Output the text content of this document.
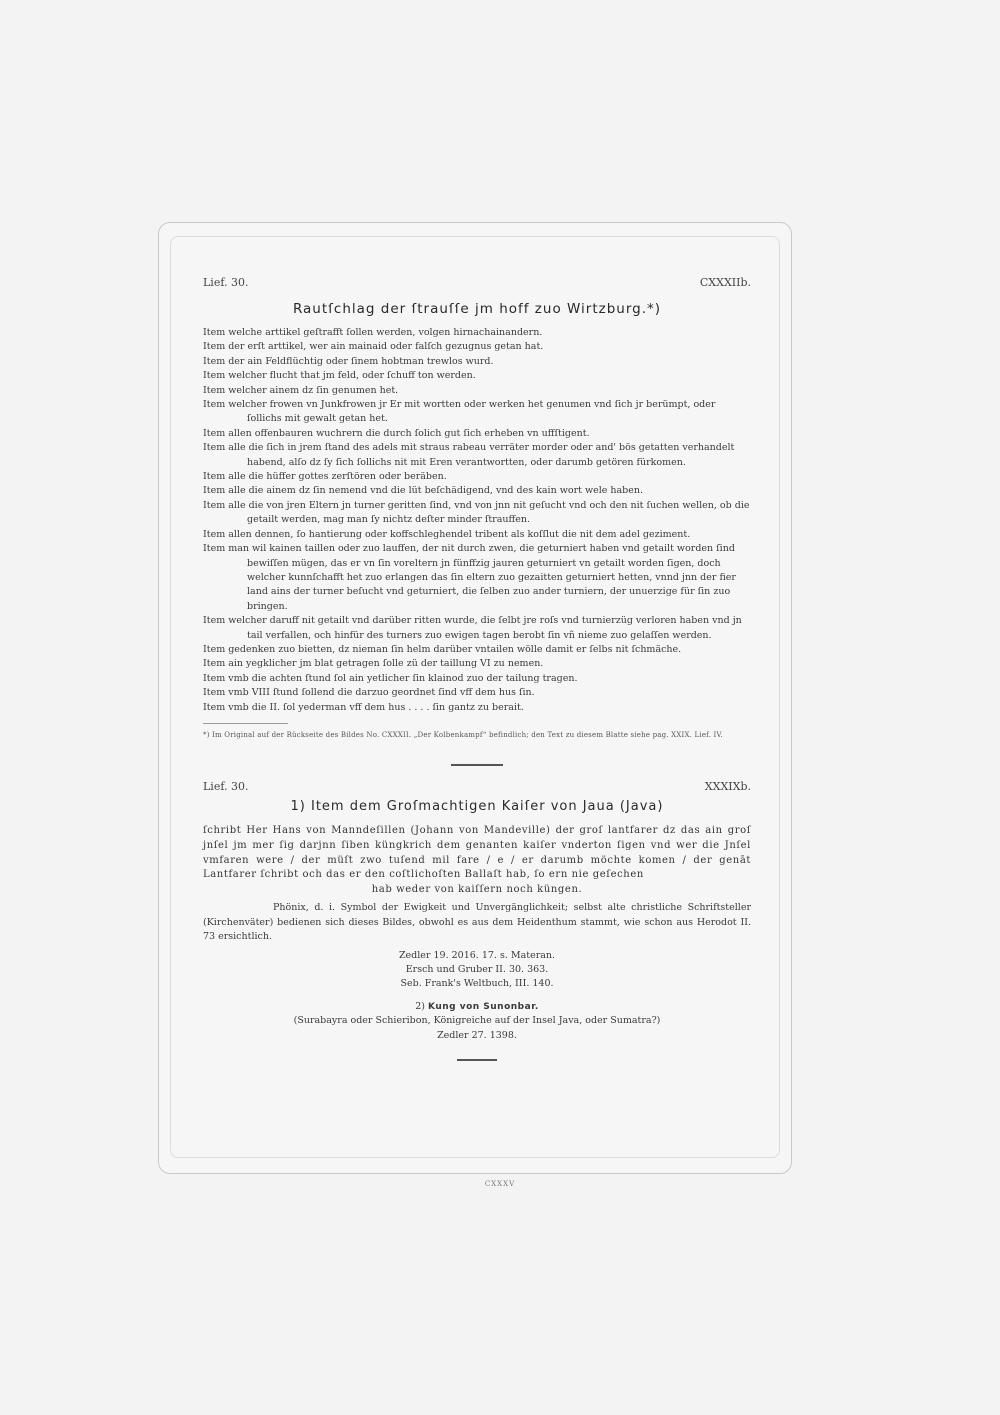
Lief. 30.	CXXXIIb.
Rautſchlag der ſtrauſſe jm hoff zuo Wirtzburg.*)
Item welche arttikel geſtrafft ſollen werden, volgen hirnachainandern.
Item der erſt arttikel, wer ain mainaid oder falſch gezugnus getan hat.
Item der ain Feldflüchtig oder ſinem hobtman trewlos wurd.
Item welcher flucht that jm feld, oder ſchuff ton werden.
Item welcher ainem dz ſin genumen het.
Item welcher frowen vn Junkfrowen jr Er mit wortten oder werken het genumen vnd ſich jr berümpt, oder ſollichs mit gewalt getan het.
Item allen offenbauren wuchrern die durch ſolich gut ſich erheben vn uffſtigent.
Item alle die ſich in jrem ſtand des adels mit straus rabeau verräter morder oder and' bös getatten verhandelt habend, alſo dz ſy ſich ſollichs nit mit Eren verantwortten, oder darumb getören fürkomen.
Item alle die hüffer gottes zerſtören oder beräben.
Item alle die ainem dz ſin nemend vnd die lüt beſchädigend, vnd des kain wort wele haben.
Item alle die von jren Eltern jn turner geritten ſind, vnd von jnn nit geſucht vnd och den nit ſuchen wellen, ob die getailt werden, mag man ſy nichtz deſter minder ſtrauffen.
Item allen dennen, ſo hantierung oder koffschleghendel tribent als koſſlut die nit dem adel geziment.
Item man wil kainen taillen oder zuo lauffen, der nit durch zwen, die geturniert haben vnd getailt worden ſind bewiſſen mügen, das er vn ſin voreltern jn fünffzig jauren geturniert vn getailt worden ſigen, doch welcher kunnſchafft het zuo erlangen das ſin eltern zuo gezaitten geturniert hetten, vnnd jnn der fier land ains der turner beſucht vnd geturniert, die ſelben zuo ander turniern, der unuerzige für ſin zuo bringen.
Item welcher daruff nit getailt vnd darüber ritten wurde, die ſelbt jre roſs vnd turnierzüg verloren haben vnd jn tail verfallen, och hinfür des turners zuo ewigen tagen berobt ſin vñ nieme zuo gelaſſen werden.
Item gedenken zuo bietten, dz nieman ſin helm darüber vntailen wölle damit er ſelbs nit ſchmäche.
Item ain yegklicher jm blat getragen ſolle zü der taillung VI zu nemen.
Item vmb die achten ſtund ſol ain yetlicher ſin klainod zuo der tailung tragen.
Item vmb VIII ſtund ſollend die darzuo geordnet ſind vff dem hus ſin.
Item vmb die II. ſol yederman vff dem hus . . . . ſin gantz zu berait.
*) Im Original auf der Rückseite des Bildes No. CXXXII. „Der Kolbenkampf“ befindlich; den Text zu diesem Blatte siehe pag. XXIX. Lief. IV.
Lief. 30.	XXXIXb.
1) Item dem Groſmachtigen Kaiſer von Jaua (Java)
ſchribt Her Hans von Manndeſillen (Johann von Mandeville) der groſ lantfarer dz das ain groſ jnſel jm mer ſig darjnn ſiben küngkrich dem genanten kaiſer vnderton ſigen vnd wer die Jnſel vmfaren were / der müſt zwo tuſend mil fare / e / er darumb möchte komen / der genāt Lantfarer ſchribt och das er den coſtlichoſten Ballaſt hab, ſo ern nie geſechen
hab weder von kaiſſern noch küngen.
Phönix, d. i. Symbol der Ewigkeit und Unvergänglichkeit; selbst alte christliche Schriftsteller (Kirchenväter) bedienen sich dieses Bildes, obwohl es aus dem Heidenthum stammt, wie schon aus Herodot II. 73 ersichtlich.
Zedler 19. 2016. 17. s. Materan.
Ersch und Gruber II. 30. 363.
Seb. Frank's Weltbuch, III. 140.
2) Kung von Sunonbar.
(Surabayra oder Schieribon, Königreiche auf der Insel Java, oder Sumatra?)
Zedler 27. 1398.
CXXXV
